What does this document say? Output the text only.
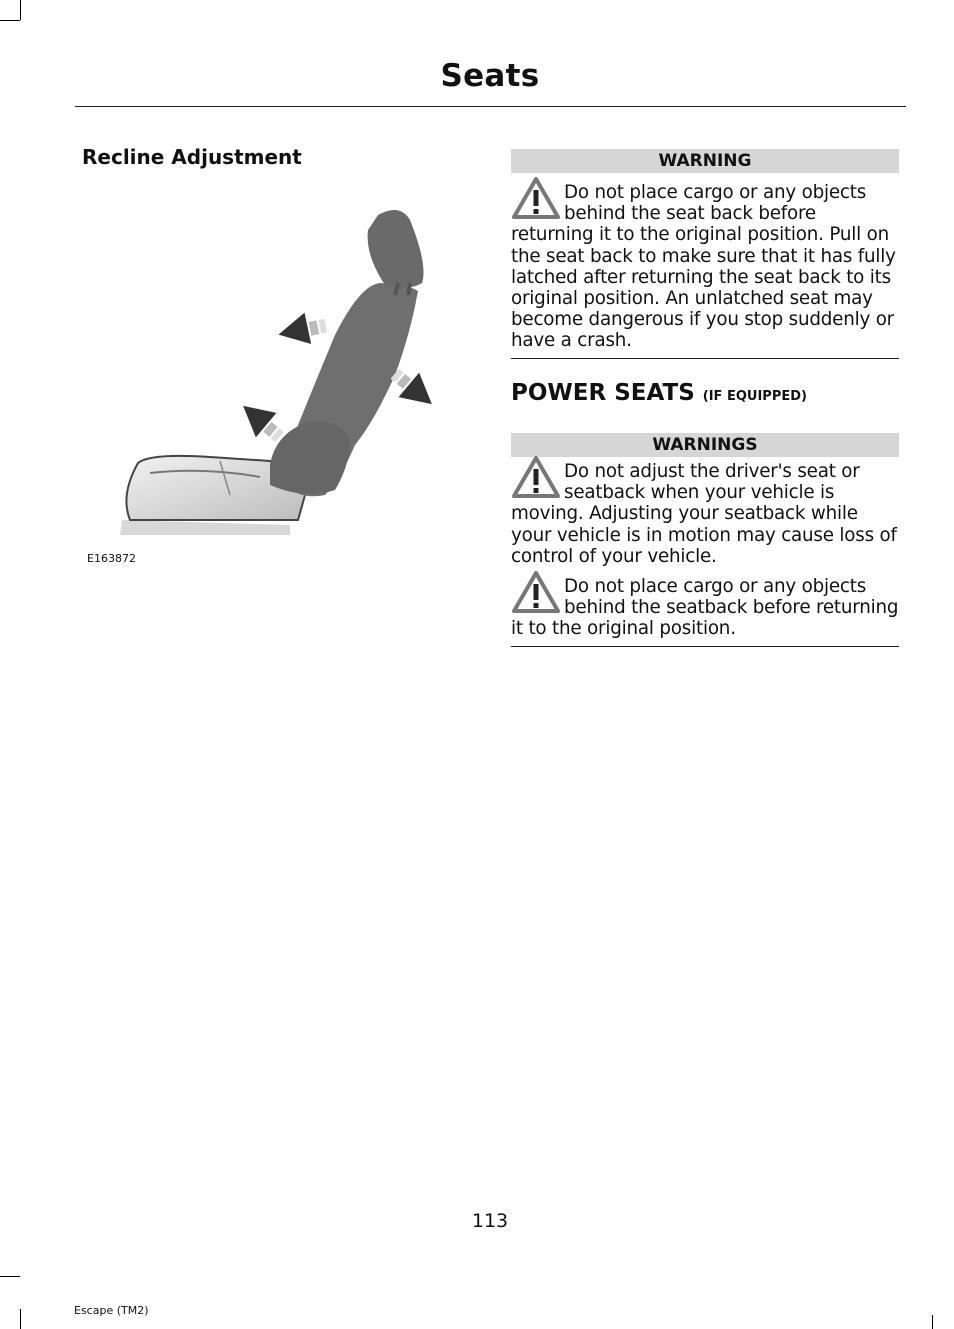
Seats
Recline Adjustment
E163872
WARNING
Do not place cargo or any objects behind the seat back before returning it to the original position. Pull on the seat back to make sure that it has fully latched after returning the seat back to its original position. An unlatched seat may become dangerous if you stop suddenly or have a crash.
POWER SEATS (IF EQUIPPED)
WARNINGS
Do not adjust the driver's seat or seatback when your vehicle is moving. Adjusting your seatback while your vehicle is in motion may cause loss of control of your vehicle.
Do not place cargo or any objects behind the seatback before returning it to the original position.
113
Escape (TM2)
